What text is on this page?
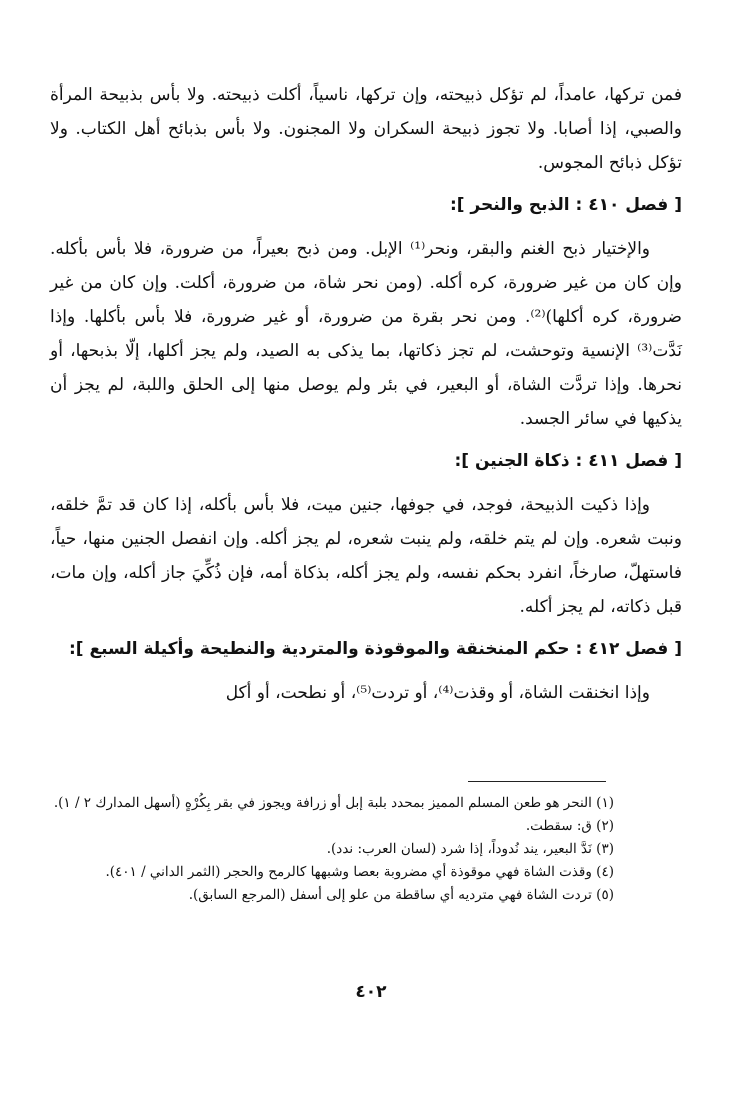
فمن تركها، عامداً، لم تؤكل ذبيحته، وإن تركها، ناسياً، أكلت ذبيحته. ولا بأس بذبيحة المرأة والصبي، إذا أصابا. ولا تجوز ذبيحة السكران ولا المجنون. ولا بأس بذبائح أهل الكتاب. ولا تؤكل ذبائح المجوس.

[ فصل ٤١٠ : الذبح والنحر ]:

والإختيار ذبح الغنم والبقر، ونحر⁽¹⁾ الإبل. ومن ذبح بعيراً، من ضرورة، فلا بأس بأكله. وإن كان من غير ضرورة، كره أكله. (ومن نحر شاة، من ضرورة، أكلت. وإن كان من غير ضرورة، كره أكلها)⁽²⁾. ومن نحر بقرة من ضرورة، أو غير ضرورة، فلا بأس بأكلها. وإذا نَدَّت⁽³⁾ الإنسية وتوحشت، لم تجز ذكاتها، بما يذكى به الصيد، ولم يجز أكلها، إلّا بذبحها، أو نحرها. وإذا تردَّت الشاة، أو البعير، في بئر ولم يوصل منها إلى الحلق واللبة، لم يجز أن يذكيها في سائر الجسد.

[ فصل ٤١١ : ذكاة الجنين ]:

وإذا ذكيت الذبيحة، فوجد، في جوفها، جنين ميت، فلا بأس بأكله، إذا كان قد تمَّ خلقه، ونبت شعره. وإن لم يتم خلقه، ولم ينبت شعره، لم يجز أكله. وإن انفصل الجنين منها، حياً، فاستهلّ، صارخاً، انفرد بحكم نفسه، ولم يجز أكله، بذكاة أمه، فإن ذُكِّيَ جاز أكله، وإن مات، قبل ذكاته، لم يجز أكله.

[ فصل ٤١٢ : حكم المنخنقة والموقوذة والمتردية والنطيحة وأكيلة السبع ]:

وإذا انخنقت الشاة، أو وقذت⁽⁴⁾، أو تردت⁽⁵⁾، أو نطحت، أو أكل

(١) النحر هو طعن المسلم المميز بمحدد بلبة إبل أو زرافة ويجوز في بقر بِكُرْهٍ (أسهل المدارك ٢ / ١).

(٢) ق: سقطت.

(٣) نَدَّ البعير، يند نُدوداً، إذا شرد (لسان العرب: ندد).

(٤) وقذت الشاة فهي موقوذة أي مضروبة بعصا وشبهها كالرمح والحجر (الثمر الداني / ٤٠١).

(٥) تردت الشاة فهي مترديه أي ساقطة من علو إلى أسفل (المرجع السابق).

٤٠٢
